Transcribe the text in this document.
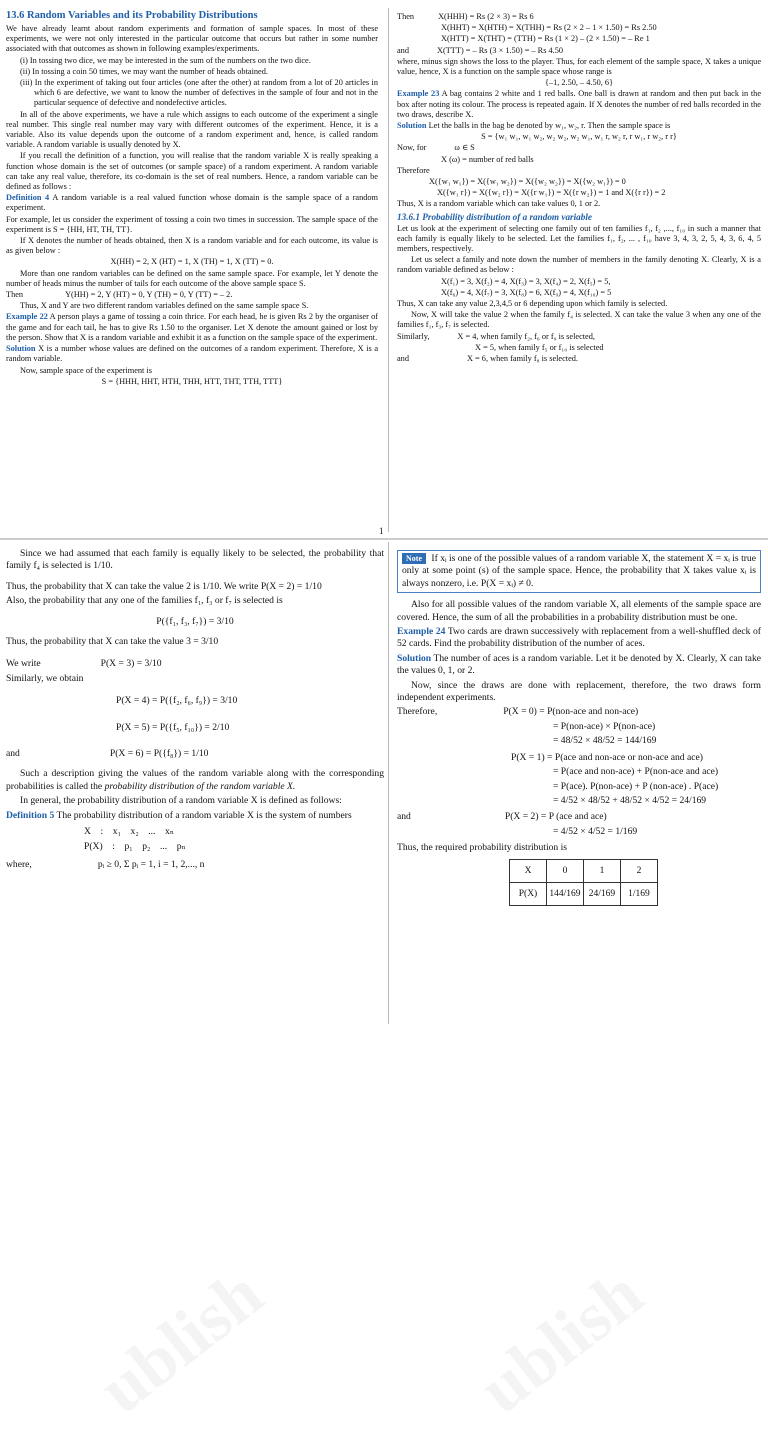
13.6 Random Variables and its Probability Distributions

We have already learnt about random experiments and formation of sample spaces. In most of these experiments, we were not only interested in the particular outcome that occurs but rather in some number associated with that outcomes as shown in following examples/experiments.

(i) In tossing two dice, we may be interested in the sum of the numbers on the two dice.

(ii) In tossing a coin 50 times, we may want the number of heads obtained.

(iii) In the experiment of taking out four articles (one after the other) at random from a lot of 20 articles in which 6 are defective, we want to know the number of defectives in the sample of four and not in the particular sequence of defective and nondefective articles.

In all of the above experiments, we have a rule which assigns to each outcome of the experiment a single real number. This single real number may vary with different outcomes of the experiment. Hence, it is a variable. Also its value depends upon the outcome of a random experiment and, hence, is called random variable. A random variable is usually denoted by X.

If you recall the definition of a function, you will realise that the random variable X is really speaking a function whose domain is the set of outcomes (or sample space) of a random experiment. A random variable can take any real value, therefore, its co-domain is the set of real numbers. Hence, a random variable can be defined as follows :

Definition 4 A random variable is a real valued function whose domain is the sample space of a random experiment.

For example, let us consider the experiment of tossing a coin two times in succession. The sample space of the experiment is S = {HH, HT, TH, TT}.

If X denotes the number of heads obtained, then X is a random variable and for each outcome, its value is as given below :

X(HH) = 2, X (HT) = 1, X (TH) = 1, X (TT) = 0.

More than one random variables can be defined on the same sample space. For example, let Y denote the number of heads minus the number of tails for each outcome of the above sample space S.

Then	Y(HH) = 2, Y (HT) = 0, Y (TH) = 0, Y (TT) = – 2.

Thus, X and Y are two different random variables defined on the same sample space S.

Example 22 A person plays a game of tossing a coin thrice. For each head, he is given Rs 2 by the organiser of the game and for each tail, he has to give Rs 1.50 to the organiser. Let X denote the amount gained or lost by the person. Show that X is a random variable and exhibit it as a function on the sample space of the experiment.

Solution X is a number whose values are defined on the outcomes of a random experiment. Therefore, X is a random variable.

Now, sample space of the experiment is

S = {HHH, HHT, HTH, THH, HTT, THT, TTH, TTT}

Then	X(HHH) = Rs (2 × 3) = Rs 6

X(HHT) = X(HTH) = X(THH) = Rs (2 × 2 – 1 × 1.50) = Rs 2.50

X(HTT) = X(THT) = (TTH) = Rs (1 × 2) – (2 × 1.50) = – Re 1

and	X(TTT) = – Rs (3 × 1.50) = – Rs 4.50

where, minus sign shows the loss to the player. Thus, for each element of the sample space, X takes a unique value, hence, X is a function on the sample space whose range is

{–1, 2.50, – 4.50, 6}

Example 23 A bag contains 2 white and 1 red balls. One ball is drawn at random and then put back in the box after noting its colour. The process is repeated again. If X denotes the number of red balls recorded in the two draws, describe X.

Solution Let the balls in the bag be denoted by w₁, w₂, r. Then the sample space is

S = {w₁ w₁, w₁ w₂, w₂ w₂, w₂ w₁, w₁ r, w₂ r, r w₁, r w₂, r r}

Now, for	ω ∈ S

X (ω) = number of red balls

Therefore

X({w₁ w₁}) = X({w₁ w₂}) = X({w₂ w₂}) = X({w₂ w₁}) = 0

X({w₁ r}) = X({w₂ r}) = X({r w₁}) = X({r w₂}) = 1 and X({r r}) = 2

Thus, X is a random variable which can take values 0, 1 or 2.

13.6.1 Probability distribution of a random variable

Let us look at the experiment of selecting one family out of ten families f₁, f₂ ,..., f₁₀ in such a manner that each family is equally likely to be selected. Let the families f₁, f₂, ... , f₁₀ have 3, 4, 3, 2, 5, 4, 3, 6, 4, 5 members, respectively.

Let us select a family and note down the number of members in the family denoting X. Clearly, X is a random variable defined as below :

X(f₁) = 3, X(f₂) = 4, X(f₃) = 3, X(f₄) = 2, X(f₅) = 5,

X(f₆) = 4, X(f₇) = 3, X(f₈) = 6, X(f₉) = 4, X(f₁₀) = 5

Thus, X can take any value 2,3,4,5 or 6 depending upon which family is selected.

Now, X will take the value 2 when the family f₄ is selected. X can take the value 3 when any one of the families f₁, f₃, f₇ is selected.

Similarly,	X = 4, when family f₂, f₆ or f₉ is selected,

X = 5, when family f₅ or f₁₀ is selected

and	X = 6, when family f₈ is selected.

1

Since we had assumed that each family is equally likely to be selected, the probability that family f₄ is selected is 1/10.

Thus, the probability that X can take the value 2 is 1/10. We write P(X = 2) = 1/10

Also, the probability that any one of the families f₁, f₃ or f₇ is selected is

P({f₁, f₃, f₇}) = 3/10

Thus, the probability that X can take the value 3 = 3/10

We write	P(X = 3) = 3/10

Similarly, we obtain

P(X = 4) = P({f₂, f₆, f₉}) = 3/10

P(X = 5) = P({f₅, f₁₀}) = 2/10

and	P(X = 6) = P({f₈}) = 1/10

Such a description giving the values of the random variable along with the corresponding probabilities is called the probability distribution of the random variable X.

In general, the probability distribution of a random variable X is defined as follows:

Definition 5 The probability distribution of a random variable X is the system of numbers

X    :    x₁    x₂    ...    xₙ

P(X)    :    p₁    p₂    ...    pₙ

where,	pᵢ ≥ 0, Σ pᵢ = 1, i = 1, 2,..., n

Note If xᵢ is one of the possible values of a random variable X, the statement X = xᵢ is true only at some point (s) of the sample space. Hence, the probability that X takes value xᵢ is always nonzero, i.e. P(X = xᵢ) ≠ 0.

Also for all possible values of the random variable X, all elements of the sample space are covered. Hence, the sum of all the probabilities in a probability distribution must be one.

Example 24 Two cards are drawn successively with replacement from a well-shuffled deck of 52 cards. Find the probability distribution of the number of aces.

Solution The number of aces is a random variable. Let it be denoted by X. Clearly, X can take the values 0, 1, or 2.

Now, since the draws are done with replacement, therefore, the two draws form independent experiments.

Therefore,	P(X = 0) = P(non-ace and non-ace)

= P(non-ace) × P(non-ace)

= 48/52 × 48/52 = 144/169

P(X = 1) = P(ace and non-ace or non-ace and ace)

= P(ace and non-ace) + P(non-ace and ace)

= P(ace). P(non-ace) + P (non-ace) . P(ace)

= 4/52 × 48/52 + 48/52 × 4/52 = 24/169

and	P(X = 2) = P (ace and ace)

= 4/52 × 4/52 = 1/169

Thus, the required probability distribution is

X	0	1	2
P(X)	144/169	24/169	1/169
